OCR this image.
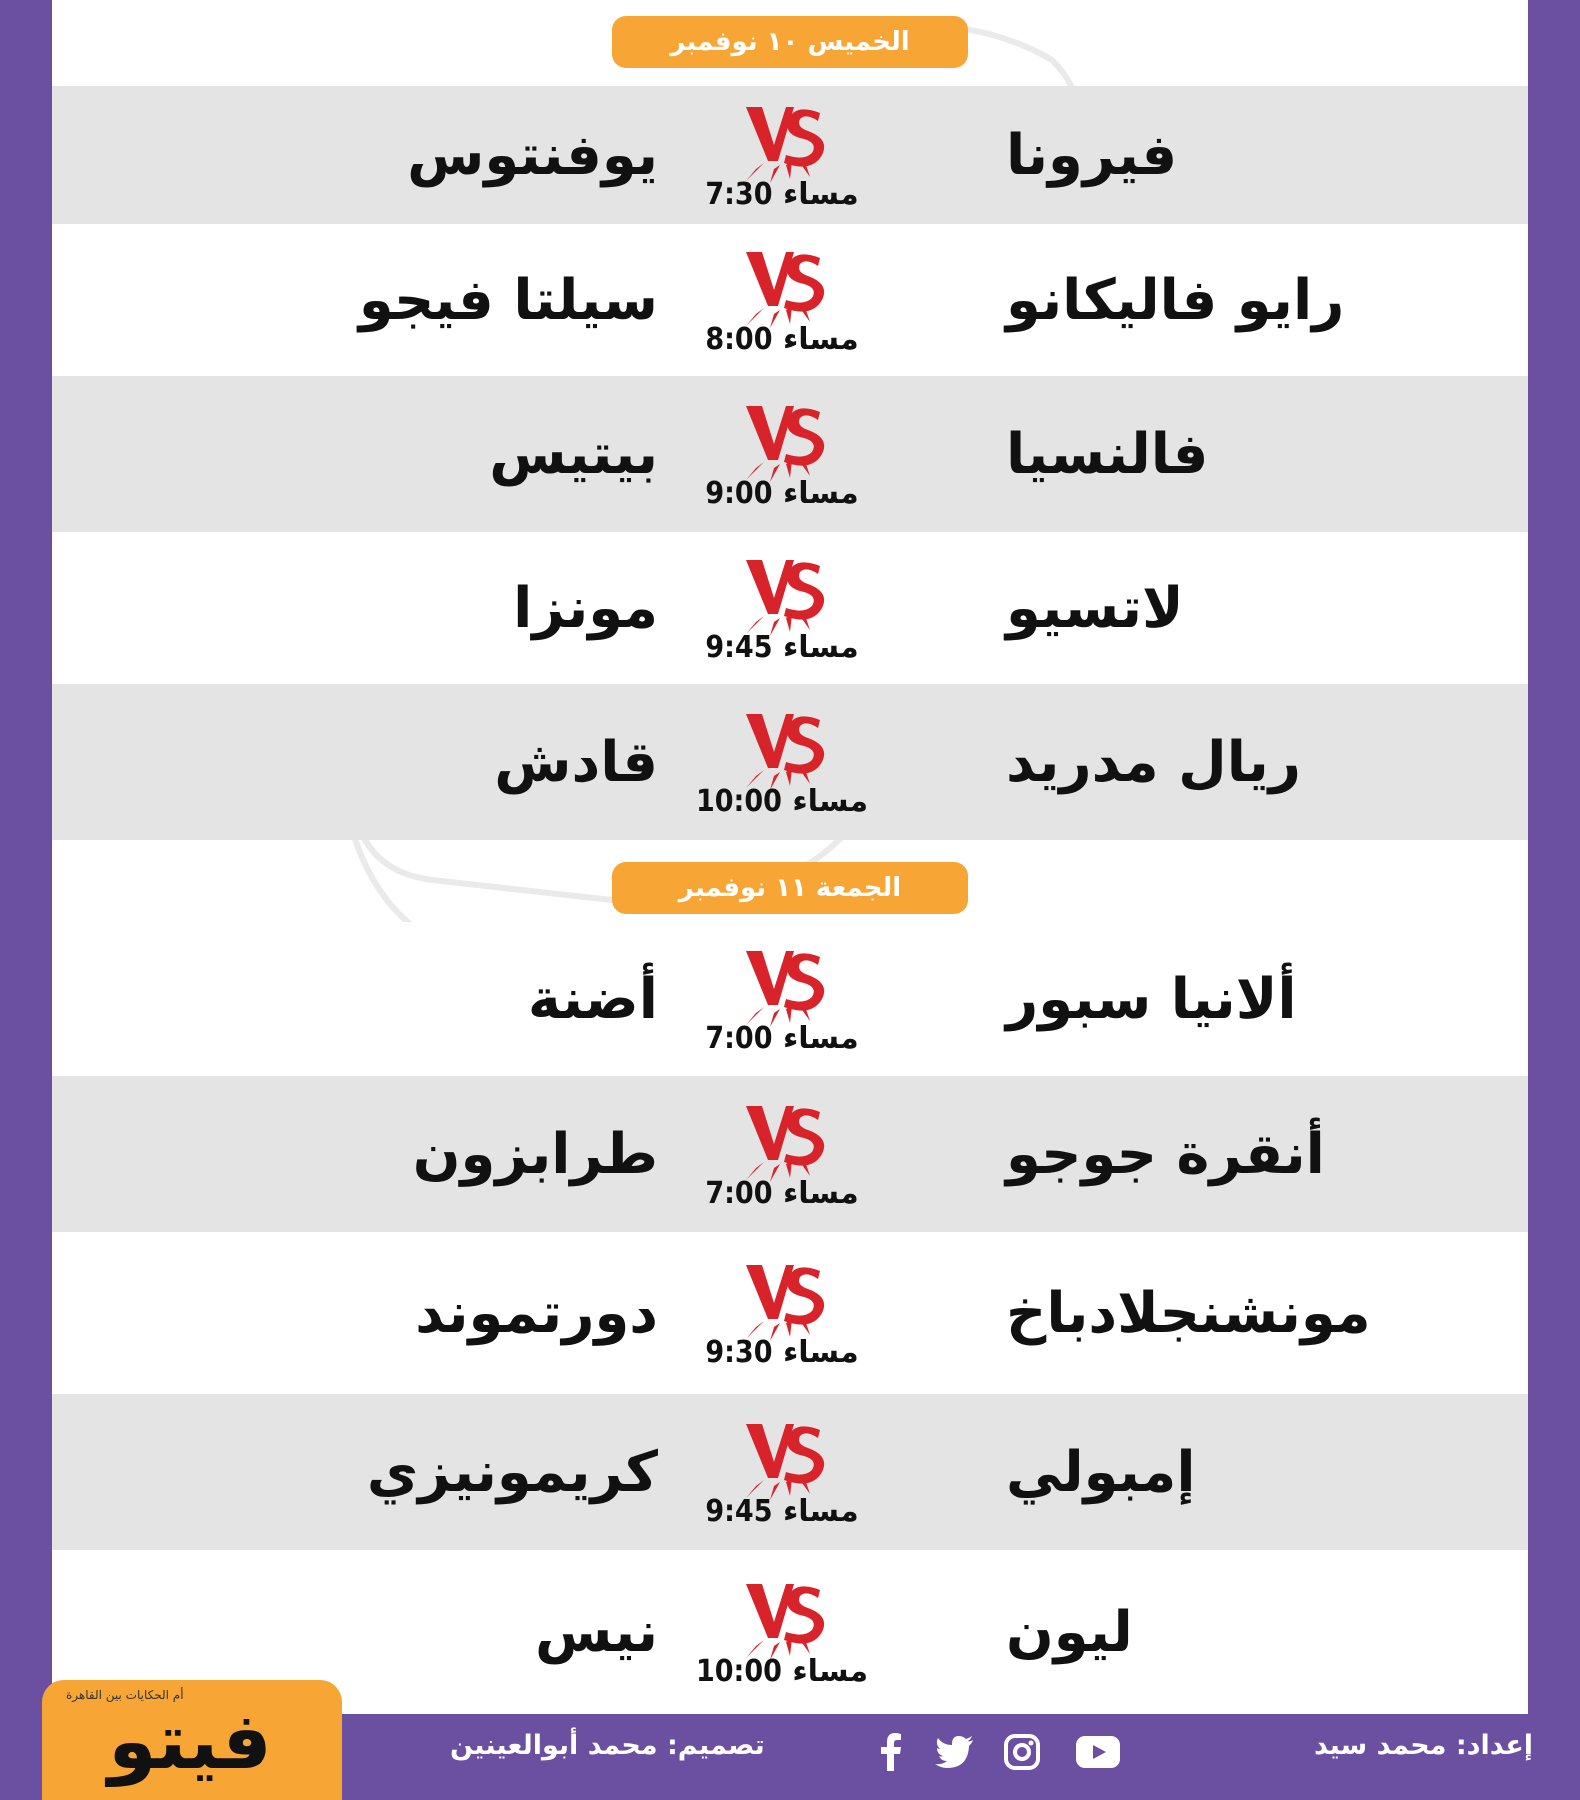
الخميس ١٠ نوفمبر
فيرونا
مساء 7:30
يوفنتوس
رايو فاليكانو
مساء 8:00
سيلتا فيجو
فالنسيا
مساء 9:00
بيتيس
لاتسيو
مساء 9:45
مونزا
ريال مدريد
مساء 10:00
قادش
الجمعة ١١ نوفمبر
ألانيا سبور
مساء 7:00
أضنة
أنقرة جوجو
مساء 7:00
طرابزون
مونشنجلادباخ
مساء 9:30
دورتموند
إمبولي
مساء 9:45
كريمونيزي
ليون
مساء 10:00
نيس
فيتو
أم الحكايات بين القاهرة
تصميم: محمد أبوالعينين	إعداد: محمد سيد
